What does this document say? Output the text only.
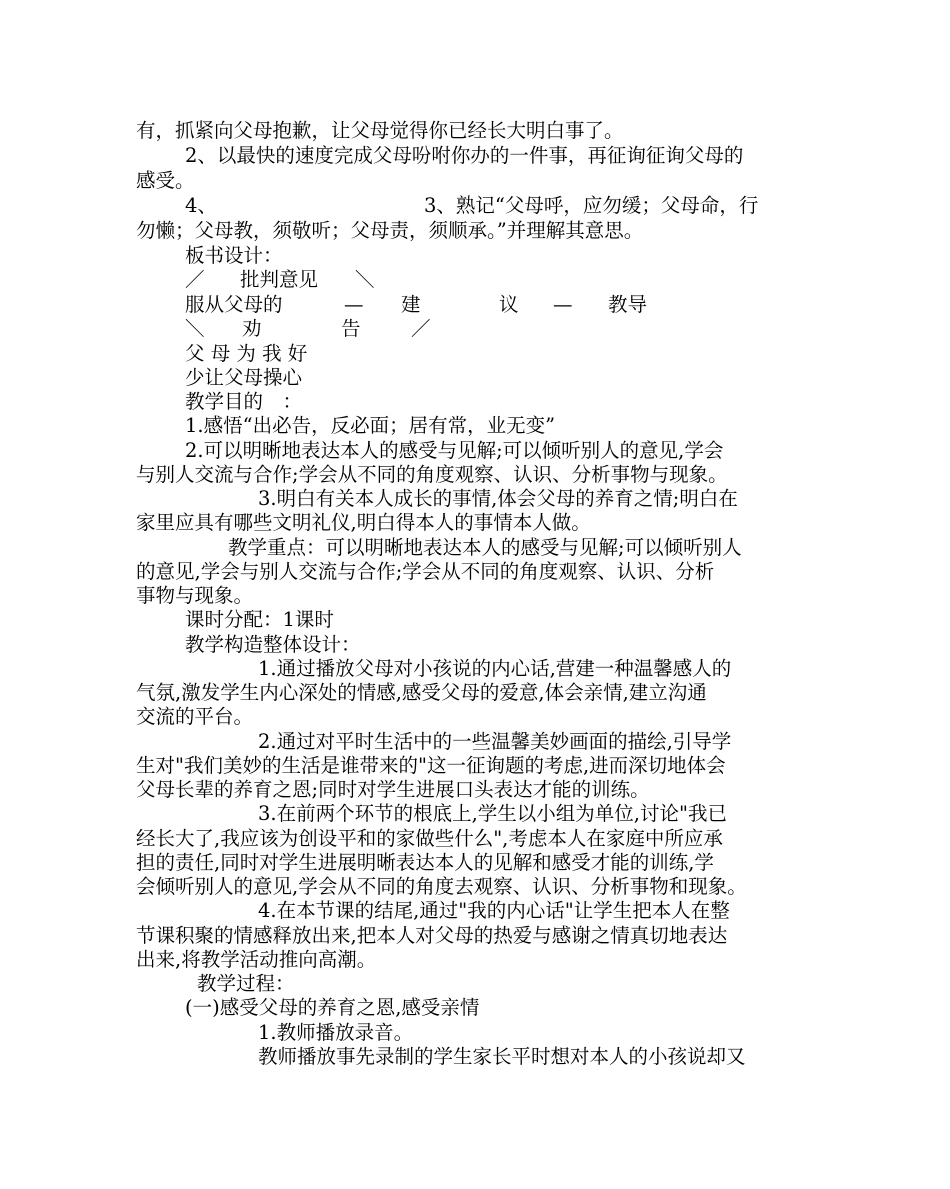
有，抓紧向父母抱歉，让父母觉得你已经长大明白事了。
2、以最快的速度完成父母吩咐你办的一件事，再征询征询父母的
感受。
4、	3、熟记“父母呼，应勿缓；父母命，行
勿懒；父母教，须敬听；父母责，须顺承。”并理解其意思。
板书设计：
／ 批判意见 ＼
服从父母的	— 建	议 — 教导
＼ 劝	告	／
父 母 为 我 好
少让父母操心
教学目的　：
1.感悟“出必告，反必面；居有常，业无变”
2.可以明晰地表达本人的感受与见解;可以倾听别人的意见,学会
与别人交流与合作;学会从不同的角度观察、认识、分析事物与现象。
3.明白有关本人成长的事情,体会父母的养育之情;明白在
家里应具有哪些文明礼仪,明白得本人的事情本人做。
教学重点：可以明晰地表达本人的感受与见解;可以倾听别人
的意见,学会与别人交流与合作;学会从不同的角度观察、认识、分析
事物与现象。
课时分配：1课时
教学构造整体设计：
1.通过播放父母对小孩说的内心话,营建一种温馨感人的
气氛,激发学生内心深处的情感,感受父母的爱意,体会亲情,建立沟通
交流的平台。
2.通过对平时生活中的一些温馨美妙画面的描绘,引导学
生对"我们美妙的生活是谁带来的"这一征询题的考虑,进而深切地体会
父母长辈的养育之恩;同时对学生进展口头表达才能的训练。
3.在前两个环节的根底上,学生以小组为单位,讨论"我已
经长大了,我应该为创设平和的家做些什么",考虑本人在家庭中所应承
担的责任,同时对学生进展明晰表达本人的见解和感受才能的训练,学
会倾听别人的意见,学会从不同的角度去观察、认识、分析事物和现象。
4.在本节课的结尾,通过"我的内心话"让学生把本人在整
节课积聚的情感释放出来,把本人对父母的热爱与感谢之情真切地表达
出来,将教学活动推向高潮。
教学过程：
(一)感受父母的养育之恩,感受亲情
1.教师播放录音。
教师播放事先录制的学生家长平时想对本人的小孩说却又
